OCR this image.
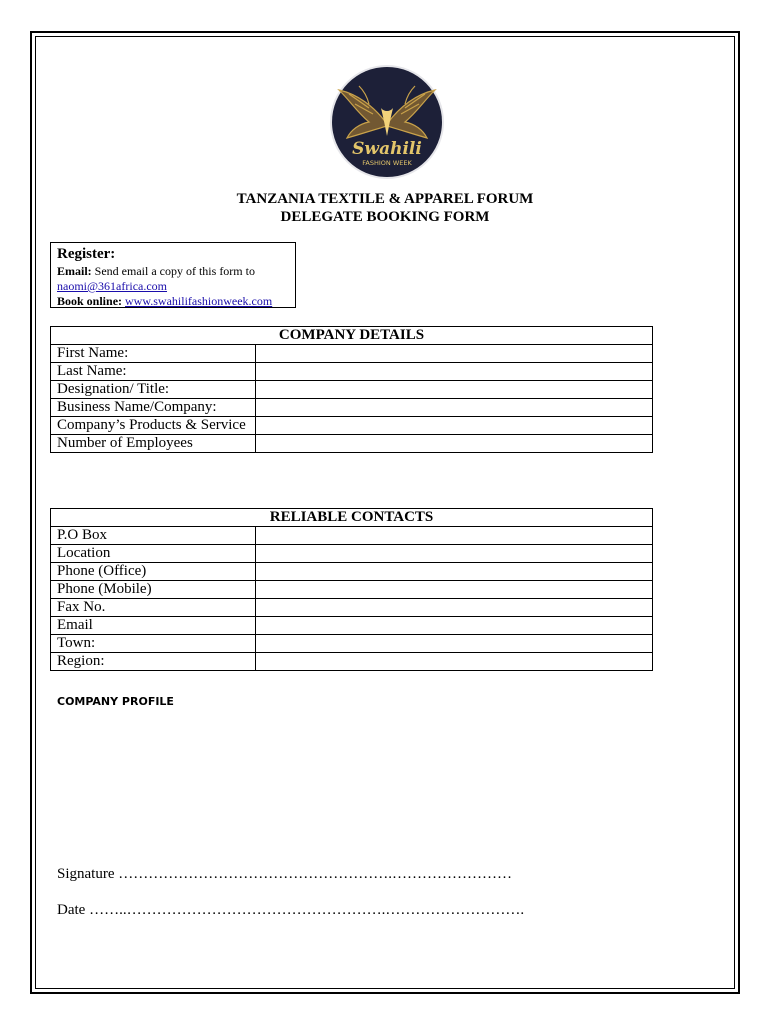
Swahili
FASHION WEEK
TANZANIA TEXTILE & APPAREL FORUM
DELEGATE BOOKING FORM
Register:
Email: Send email a copy of this form to
naomi@361africa.com
Book online: www.swahilifashionweek.com
COMPANY DETAILS	
First Name:	
Last Name:	
Designation/ Title:	
Business Name/Company:	
Company’s Products & Service	
Number of Employees	
RELIABLE CONTACTS	
P.O Box	
Location	
Phone (Office)	
Phone (Mobile)	
Fax No.	
Email	
Town:	
Region:	
COMPANY PROFILE
Signature ……………………………………………….……………………
Date ……..…………………………………………….……………………….
